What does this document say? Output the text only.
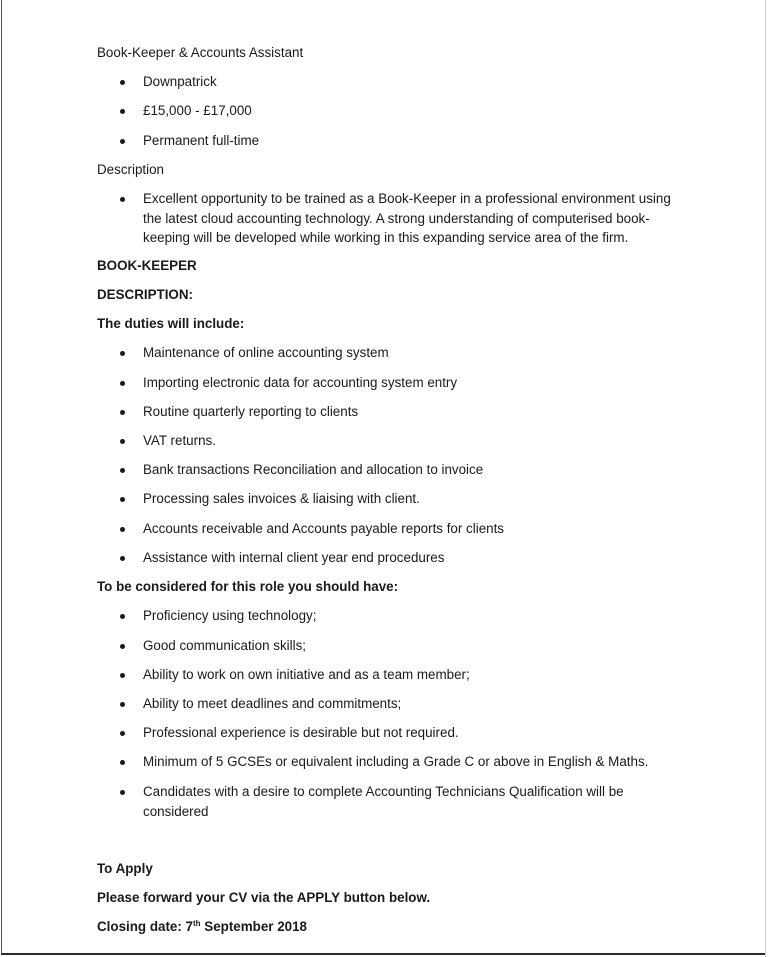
Book-Keeper & Accounts Assistant
Downpatrick
£15,000 - £17,000
Permanent full-time
Description
Excellent opportunity to be trained as a Book-Keeper in a professional environment using the latest cloud accounting technology. A strong understanding of computerised book-keeping will be developed while working in this expanding service area of the firm.
BOOK-KEEPER
DESCRIPTION:
The duties will include:
Maintenance of online accounting system
Importing electronic data for accounting system entry
Routine quarterly reporting to clients
VAT returns.
Bank transactions Reconciliation and allocation to invoice
Processing sales invoices & liaising with client.
Accounts receivable and Accounts payable reports for clients
Assistance with internal client year end procedures
To be considered for this role you should have:
Proficiency using technology;
Good communication skills;
Ability to work on own initiative and as a team member;
Ability to meet deadlines and commitments;
Professional experience is desirable but not required.
Minimum of 5 GCSEs or equivalent including a Grade C or above in English & Maths.
Candidates with a desire to complete Accounting Technicians Qualification will be considered
To Apply
Please forward your CV via the APPLY button below.
Closing date: 7th September 2018
